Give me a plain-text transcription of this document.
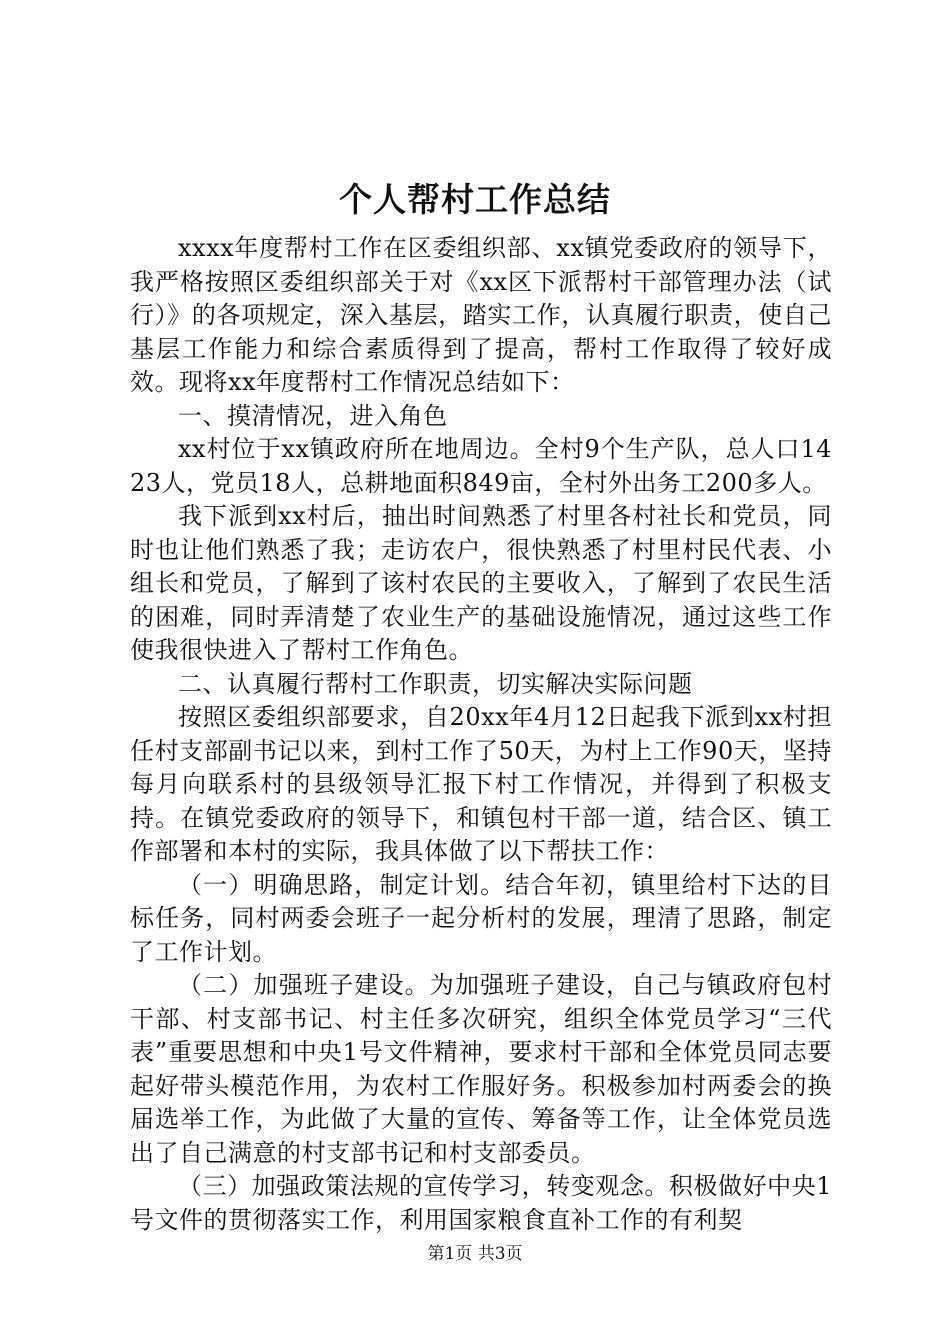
个人帮村工作总结

xxxx年度帮村工作在区委组织部、xx镇党委政府的领导下，我严格按照区委组织部关于对《xx区下派帮村干部管理办法（试行）》的各项规定，深入基层，踏实工作，认真履行职责，使自己基层工作能力和综合素质得到了提高，帮村工作取得了较好成效。现将xx年度帮村工作情况总结如下：

一、摸清情况，进入角色

xx村位于xx镇政府所在地周边。全村9个生产队，总人口1423人，党员18人，总耕地面积849亩，全村外出务工200多人。

我下派到xx村后，抽出时间熟悉了村里各村社长和党员，同时也让他们熟悉了我；走访农户，很快熟悉了村里村民代表、小组长和党员，了解到了该村农民的主要收入，了解到了农民生活的困难，同时弄清楚了农业生产的基础设施情况，通过这些工作使我很快进入了帮村工作角色。

二、认真履行帮村工作职责，切实解决实际问题

按照区委组织部要求，自20xx年4月12日起我下派到xx村担任村支部副书记以来，到村工作了50天，为村上工作90天，坚持每月向联系村的县级领导汇报下村工作情况，并得到了积极支持。在镇党委政府的领导下，和镇包村干部一道，结合区、镇工作部署和本村的实际，我具体做了以下帮扶工作：

（一）明确思路，制定计划。结合年初，镇里给村下达的目标任务，同村两委会班子一起分析村的发展，理清了思路，制定了工作计划。

（二）加强班子建设。为加强班子建设，自己与镇政府包村干部、村支部书记、村主任多次研究，组织全体党员学习“三代表”重要思想和中央1号文件精神，要求村干部和全体党员同志要起好带头模范作用，为农村工作服好务。积极参加村两委会的换届选举工作，为此做了大量的宣传、筹备等工作，让全体党员选出了自己满意的村支部书记和村支部委员。

（三）加强政策法规的宣传学习，转变观念。积极做好中央1号文件的贯彻落实工作，利用国家粮食直补工作的有利契

第1页 共3页
